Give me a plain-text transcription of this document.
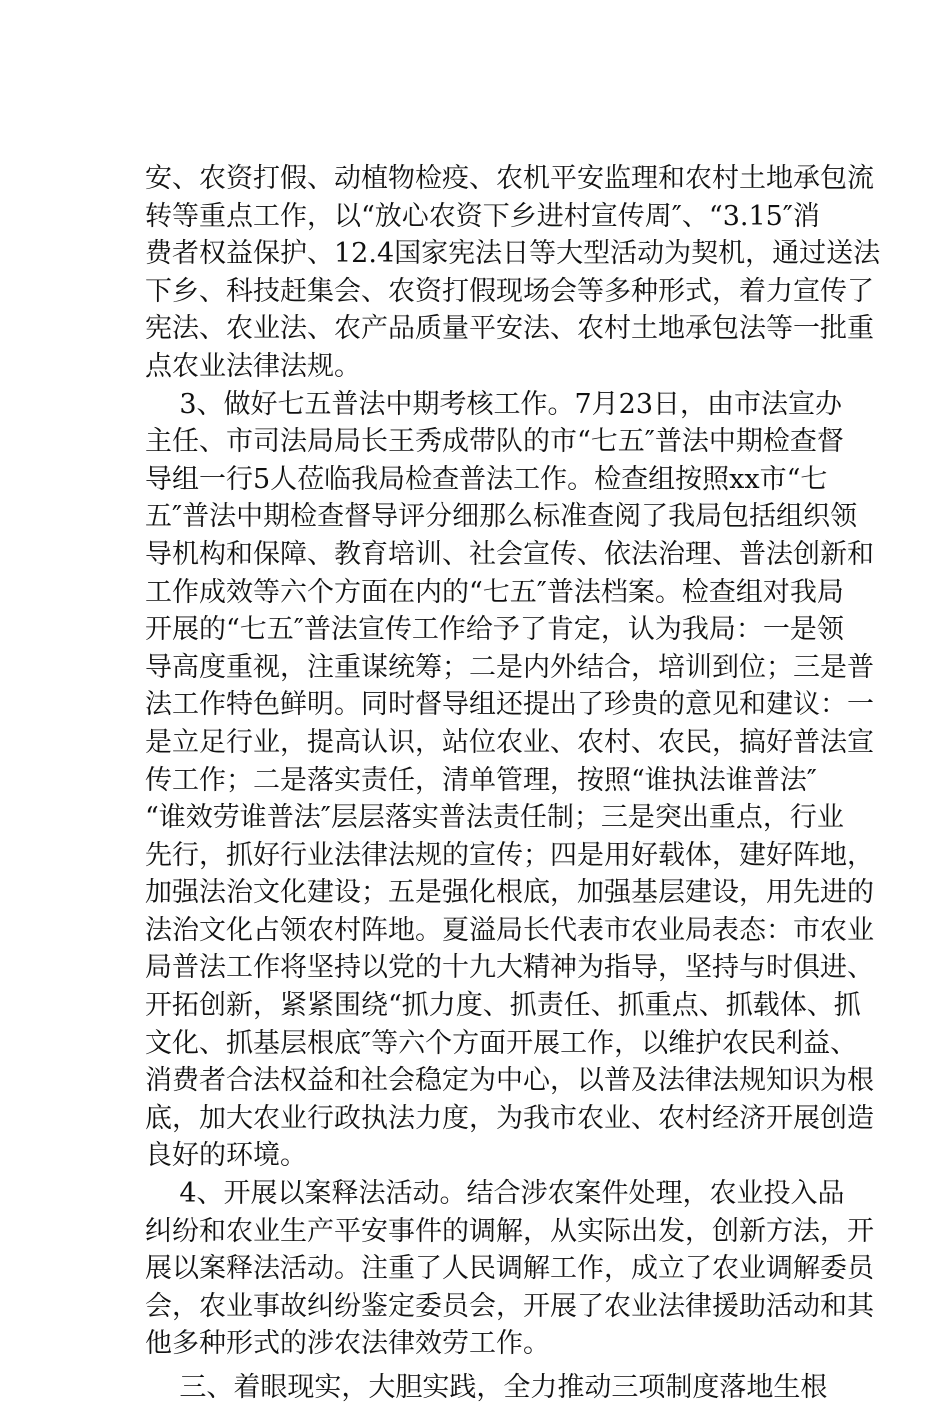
安、农资打假、动植物检疫、农机平安监理和农村土地承包流
转等重点工作，以“放心农资下乡进村宣传周″、“3.15″消
费者权益保护、12.4国家宪法日等大型活动为契机，通过送法
下乡、科技赶集会、农资打假现场会等多种形式，着力宣传了
宪法、农业法、农产品质量平安法、农村土地承包法等一批重
点农业法律法规。
3、做好七五普法中期考核工作。7月23日，由市法宣办
主任、市司法局局长王秀成带队的市“七五″普法中期检查督
导组一行5人莅临我局检查普法工作。检查组按照xx市“七
五″普法中期检查督导评分细那么标准查阅了我局包括组织领
导机构和保障、教育培训、社会宣传、依法治理、普法创新和
工作成效等六个方面在内的“七五″普法档案。检查组对我局
开展的“七五″普法宣传工作给予了肯定，认为我局：一是领
导高度重视，注重谋统筹；二是内外结合，培训到位；三是普
法工作特色鲜明。同时督导组还提出了珍贵的意见和建议：一
是立足行业，提高认识，站位农业、农村、农民，搞好普法宣
传工作；二是落实责任，清单管理，按照“谁执法谁普法″
“谁效劳谁普法″层层落实普法责任制；三是突出重点，行业
先行，抓好行业法律法规的宣传；四是用好载体，建好阵地，
加强法治文化建设；五是强化根底，加强基层建设，用先进的
法治文化占领农村阵地。夏溢局长代表市农业局表态：市农业
局普法工作将坚持以党的十九大精神为指导，坚持与时俱进、
开拓创新，紧紧围绕“抓力度、抓责任、抓重点、抓载体、抓
文化、抓基层根底″等六个方面开展工作，以维护农民利益、
消费者合法权益和社会稳定为中心，以普及法律法规知识为根
底，加大农业行政执法力度，为我市农业、农村经济开展创造
良好的环境。
4、开展以案释法活动。结合涉农案件处理，农业投入品
纠纷和农业生产平安事件的调解，从实际出发，创新方法，开
展以案释法活动。注重了人民调解工作，成立了农业调解委员
会，农业事故纠纷鉴定委员会，开展了农业法律援助活动和其
他多种形式的涉农法律效劳工作。
三、着眼现实，大胆实践，全力推动三项制度落地生根
